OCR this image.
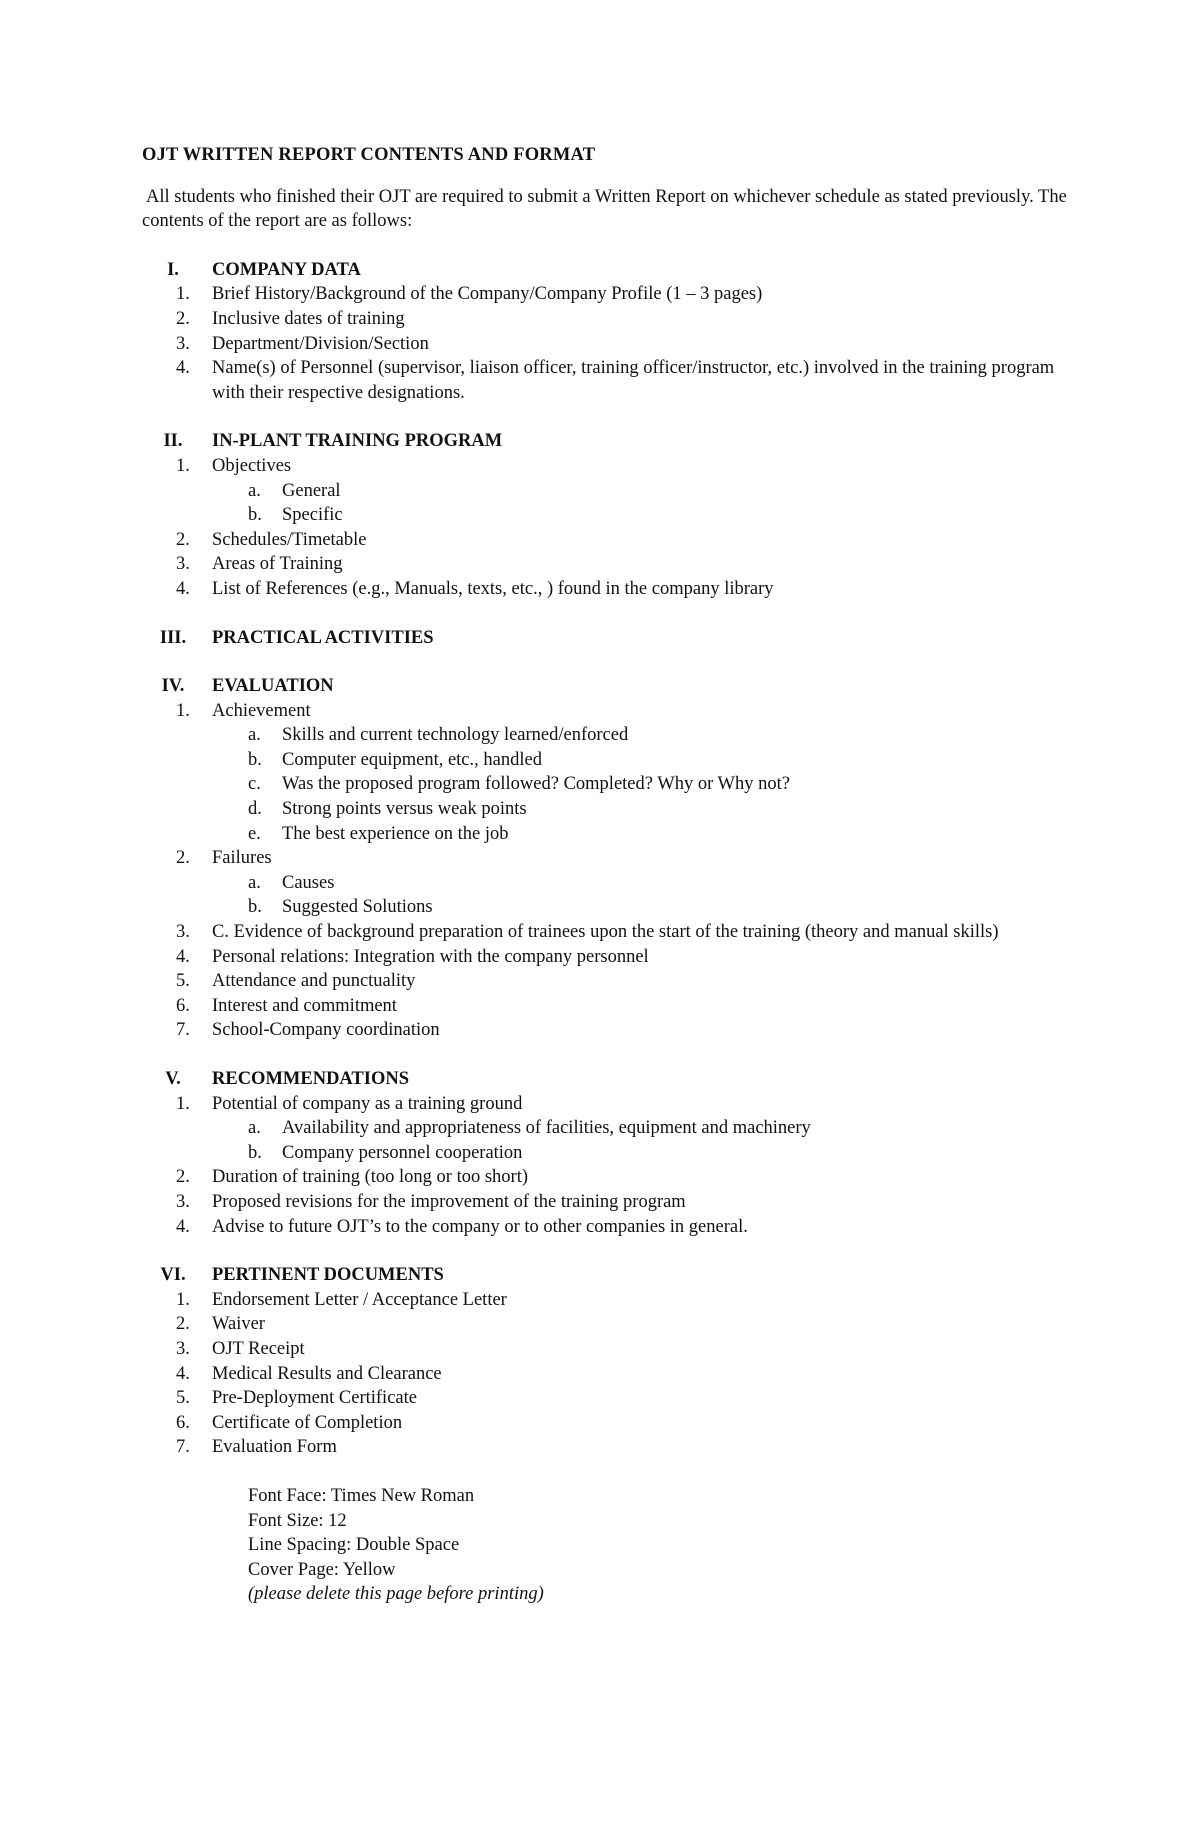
OJT WRITTEN REPORT CONTENTS AND FORMAT
All students who finished their OJT are required to submit a Written Report on whichever schedule as stated previously. The contents of the report are as follows:
I.	COMPANY DATA
1.	Brief History/Background of the Company/Company Profile (1 – 3 pages)
2.	Inclusive dates of training
3.	Department/Division/Section
4.	Name(s) of Personnel (supervisor, liaison officer, training officer/instructor, etc.) involved in the training program with their respective designations.
II.	IN-PLANT TRAINING PROGRAM
1.	Objectives
a.	General
b.	Specific
2.	Schedules/Timetable
3.	Areas of Training
4.	List of References (e.g., Manuals, texts, etc., ) found in the company library
III.	PRACTICAL ACTIVITIES
IV.	EVALUATION
1.	Achievement
a.	Skills and current technology learned/enforced
b.	Computer equipment, etc., handled
c.	Was the proposed program followed? Completed? Why or Why not?
d.	Strong points versus weak points
e.	The best experience on the job
2.	Failures
a.	Causes
b.	Suggested Solutions
3.	C. Evidence of background preparation of trainees upon the start of the training (theory and manual skills)
4.	Personal relations: Integration with the company personnel
5.	Attendance and punctuality
6.	Interest and commitment
7.	School-Company coordination
V.	RECOMMENDATIONS
1.	Potential of company as a training ground
a.	Availability and appropriateness of facilities, equipment and machinery
b.	Company personnel cooperation
2.	Duration of training (too long or too short)
3.	Proposed revisions for the improvement of the training program
4.	Advise to future OJT’s to the company or to other companies in general.
VI.	PERTINENT DOCUMENTS
1.	Endorsement Letter / Acceptance Letter
2.	Waiver
3.	OJT Receipt
4.	Medical Results and Clearance
5.	Pre-Deployment Certificate
6.	Certificate of Completion
7.	Evaluation Form
Font Face: Times New Roman
Font Size: 12
Line Spacing: Double Space
Cover Page: Yellow
(please delete this page before printing)
